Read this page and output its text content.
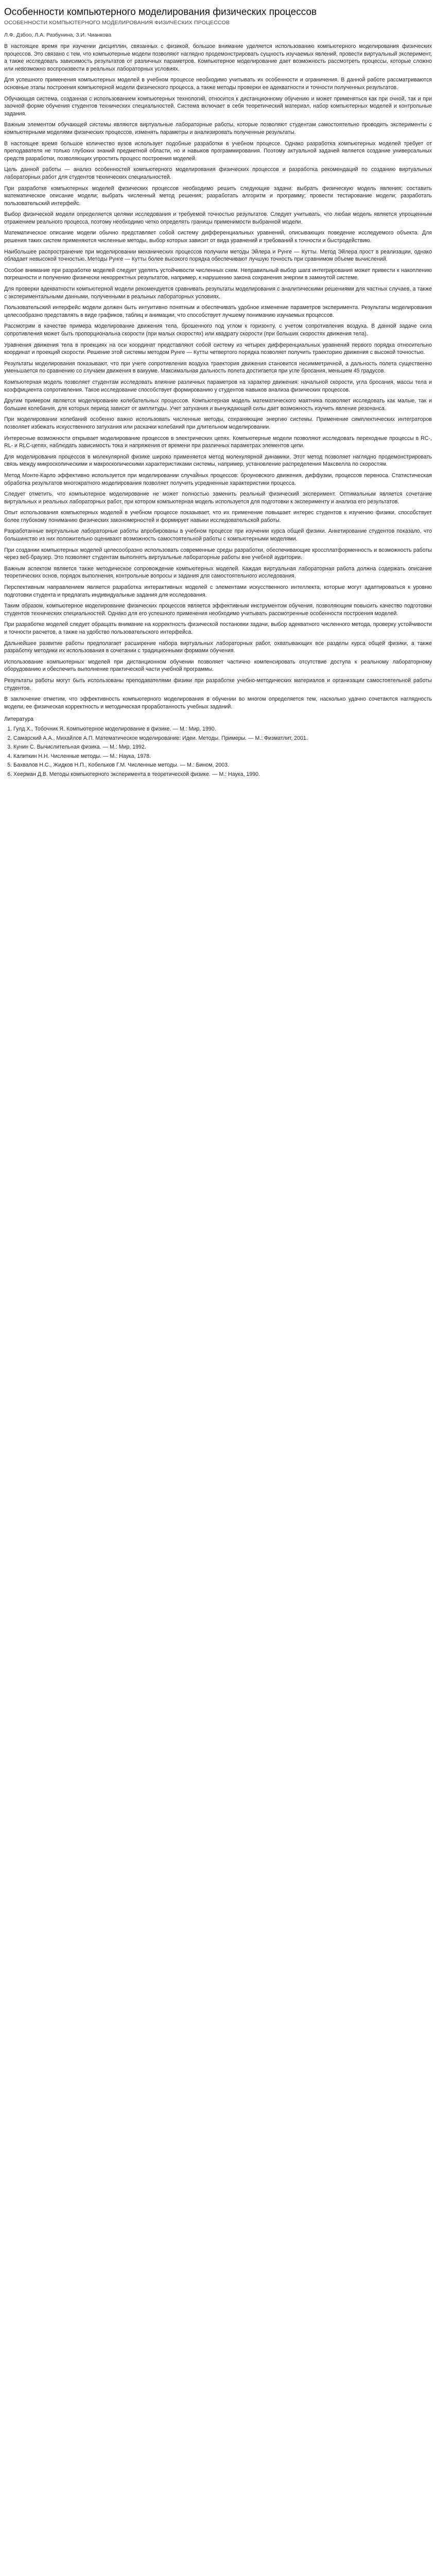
Особенности компьютерного моделирования физических процессов
ОСОБЕННОСТИ КОМПЬЮТЕРНОГО МОДЕЛИРОВАНИЯ ФИЗИЧЕСКИХ ПРОЦЕССОВ
Л.Ф. Дзбоо, Л.А. Разбунина, З.И. Чианкова

В настоящее время при изучении дисциплин, связанных с физикой, большое внимание уделяется использованию компьютерного моделирования физических процессов. Это связано с тем, что компьютерные модели позволяют наглядно продемонстрировать сущность изучаемых явлений, провести виртуальный эксперимент, а также исследовать зависимость результатов от различных параметров. Компьютерное моделирование дает возможность рассмотреть процессы, которые сложно или невозможно воспроизвести в реальных лабораторных условиях.

Для успешного применения компьютерных моделей в учебном процессе необходимо учитывать их особенности и ограничения. В данной работе рассматриваются основные этапы построения компьютерной модели физического процесса, а также методы проверки ее адекватности и точности полученных результатов.

Обучающая система, созданная с использованием компьютерных технологий, относится к дистанционному обучению и может применяться как при очной, так и при заочной форме обучения студентов технических специальностей. Система включает в себя теоретический материал, набор компьютерных моделей и контрольные задания.

Важным элементом обучающей системы являются виртуальные лабораторные работы, которые позволяют студентам самостоятельно проводить эксперименты с компьютерными моделями физических процессов, изменять параметры и анализировать полученные результаты.

В настоящее время большое количество вузов использует подобные разработки в учебном процессе. Однако разработка компьютерных моделей требует от преподавателя не только глубоких знаний предметной области, но и навыков программирования. Поэтому актуальной задачей является создание универсальных средств разработки, позволяющих упростить процесс построения моделей.

Цель данной работы — анализ особенностей компьютерного моделирования физических процессов и разработка рекомендаций по созданию виртуальных лабораторных работ для студентов технических специальностей.

При разработке компьютерных моделей физических процессов необходимо решить следующие задачи: выбрать физическую модель явления; составить математическое описание модели; выбрать численный метод решения; разработать алгоритм и программу; провести тестирование модели; разработать пользовательский интерфейс.

Выбор физической модели определяется целями исследования и требуемой точностью результатов. Следует учитывать, что любая модель является упрощенным отражением реального процесса, поэтому необходимо четко определять границы применимости выбранной модели.

Математическое описание модели обычно представляет собой систему дифференциальных уравнений, описывающих поведение исследуемого объекта. Для решения таких систем применяются численные методы, выбор которых зависит от вида уравнений и требований к точности и быстродействию.

Наибольшее распространение при моделировании механических процессов получили методы Эйлера и Рунге — Кутты. Метод Эйлера прост в реализации, однако обладает невысокой точностью. Методы Рунге — Кутты более высокого порядка обеспечивают лучшую точность при сравнимом объеме вычислений.

Особое внимание при разработке моделей следует уделять устойчивости численных схем. Неправильный выбор шага интегрирования может привести к накоплению погрешности и получению физически некорректных результатов, например, к нарушению закона сохранения энергии в замкнутой системе.

Для проверки адекватности компьютерной модели рекомендуется сравнивать результаты моделирования с аналитическими решениями для частных случаев, а также с экспериментальными данными, полученными в реальных лабораторных условиях.

Пользовательский интерфейс модели должен быть интуитивно понятным и обеспечивать удобное изменение параметров эксперимента. Результаты моделирования целесообразно представлять в виде графиков, таблиц и анимации, что способствует лучшему пониманию изучаемых процессов.

Рассмотрим в качестве примера моделирование движения тела, брошенного под углом к горизонту, с учетом сопротивления воздуха. В данной задаче сила сопротивления может быть пропорциональна скорости (при малых скоростях) или квадрату скорости (при больших скоростях движения тела).

Уравнения движения тела в проекциях на оси координат представляют собой систему из четырех дифференциальных уравнений первого порядка относительно координат и проекций скорости. Решение этой системы методом Рунге — Кутты четвертого порядка позволяет получить траекторию движения с высокой точностью.

Результаты моделирования показывают, что при учете сопротивления воздуха траектория движения становится несимметричной, а дальность полета существенно уменьшается по сравнению со случаем движения в вакууме. Максимальная дальность полета достигается при угле бросания, меньшем 45 градусов.

Компьютерная модель позволяет студентам исследовать влияние различных параметров на характер движения: начальной скорости, угла бросания, массы тела и коэффициента сопротивления. Такое исследование способствует формированию у студентов навыков анализа физических процессов.

Другим примером является моделирование колебательных процессов. Компьютерная модель математического маятника позволяет исследовать как малые, так и большие колебания, для которых период зависит от амплитуды. Учет затухания и вынуждающей силы дает возможность изучить явление резонанса.

При моделировании колебаний особенно важно использовать численные методы, сохраняющие энергию системы. Применение симплектических интеграторов позволяет избежать искусственного затухания или раскачки колебаний при длительном моделировании.

Интересные возможности открывает моделирование процессов в электрических цепях. Компьютерные модели позволяют исследовать переходные процессы в RC-, RL- и RLC-цепях, наблюдать зависимость тока и напряжения от времени при различных параметрах элементов цепи.

Для моделирования процессов в молекулярной физике широко применяется метод молекулярной динамики. Этот метод позволяет наглядно продемонстрировать связь между микроскопическими и макроскопическими характеристиками системы, например, установление распределения Максвелла по скоростям.

Метод Монте-Карло эффективно используется при моделировании случайных процессов: броуновского движения, диффузии, процессов переноса. Статистическая обработка результатов многократного моделирования позволяет получить усредненные характеристики процесса.

Следует отметить, что компьютерное моделирование не может полностью заменить реальный физический эксперимент. Оптимальным является сочетание виртуальных и реальных лабораторных работ, при котором компьютерная модель используется для подготовки к эксперименту и анализа его результатов.

Опыт использования компьютерных моделей в учебном процессе показывает, что их применение повышает интерес студентов к изучению физики, способствует более глубокому пониманию физических закономерностей и формирует навыки исследовательской работы.

Разработанные виртуальные лабораторные работы апробированы в учебном процессе при изучении курса общей физики. Анкетирование студентов показало, что большинство из них положительно оценивают возможность самостоятельной работы с компьютерными моделями.

При создании компьютерных моделей целесообразно использовать современные среды разработки, обеспечивающие кроссплатформенность и возможность работы через веб-браузер. Это позволяет студентам выполнять виртуальные лабораторные работы вне учебной аудитории.

Важным аспектом является также методическое сопровождение компьютерных моделей. Каждая виртуальная лабораторная работа должна содержать описание теоретических основ, порядок выполнения, контрольные вопросы и задания для самостоятельного исследования.

Перспективным направлением является разработка интерактивных моделей с элементами искусственного интеллекта, которые могут адаптироваться к уровню подготовки студента и предлагать индивидуальные задания для исследования.

Таким образом, компьютерное моделирование физических процессов является эффективным инструментом обучения, позволяющим повысить качество подготовки студентов технических специальностей. Однако для его успешного применения необходимо учитывать рассмотренные особенности построения моделей.

При разработке моделей следует обращать внимание на корректность физической постановки задачи, выбор адекватного численного метода, проверку устойчивости и точности расчетов, а также на удобство пользовательского интерфейса.

Дальнейшее развитие работы предполагает расширение набора виртуальных лабораторных работ, охватывающих все разделы курса общей физики, а также разработку методики их использования в сочетании с традиционными формами обучения.

Использование компьютерных моделей при дистанционном обучении позволяет частично компенсировать отсутствие доступа к реальному лабораторному оборудованию и обеспечить выполнение практической части учебной программы.

Результаты работы могут быть использованы преподавателями физики при разработке учебно-методических материалов и организации самостоятельной работы студентов.

В заключение отметим, что эффективность компьютерного моделирования в обучении во многом определяется тем, насколько удачно сочетаются наглядность модели, ее физическая корректность и методическая проработанность учебных заданий.

Литература
1. Гулд Х., Тобочник Я. Компьютерное моделирование в физике. — М.: Мир, 1990.
2. Самарский А.А., Михайлов А.П. Математическое моделирование: Идеи. Методы. Примеры. — М.: Физматлит, 2001.
3. Кунин С. Вычислительная физика. — М.: Мир, 1992.
4. Калиткин Н.Н. Численные методы. — М.: Наука, 1978.
5. Бахвалов Н.С., Жидков Н.П., Кобельков Г.М. Численные методы. — М.: Бином, 2003.
6. Хеерман Д.В. Методы компьютерного эксперимента в теоретической физике. — М.: Наука, 1990.
